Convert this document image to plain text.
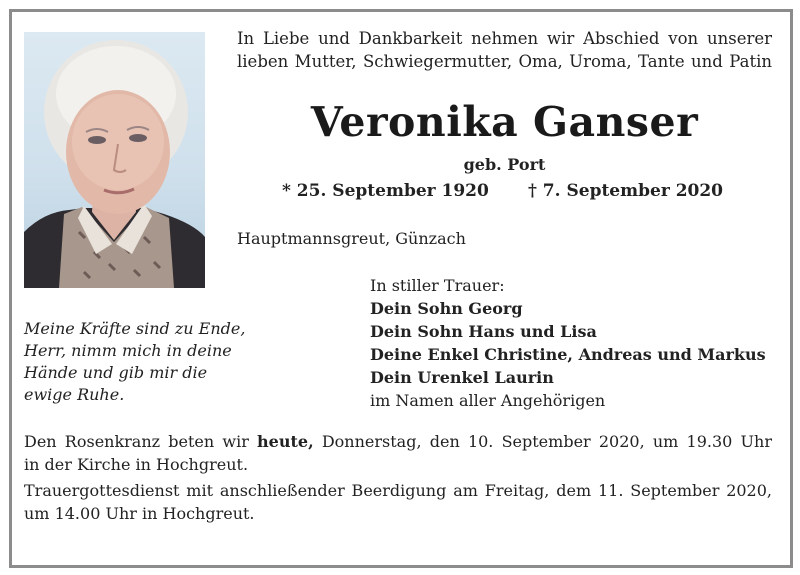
In Liebe und Dankbarkeit nehmen wir Abschied von unserer
lieben Mutter, Schwiegermutter, Oma, Uroma, Tante und Patin
Veronika Ganser
geb. Port
* 25. September 1920 † 7. September 2020
Hauptmannsgreut, Günzach
In stiller Trauer:
Dein Sohn Georg
Dein Sohn Hans und Lisa
Deine Enkel Christine, Andreas und Markus
Dein Urenkel Laurin
im Namen aller Angehörigen
Meine Kräfte sind zu Ende,
Herr, nimm mich in deine
Hände und gib mir die
ewige Ruhe.
Den Rosenkranz beten wir heute, Donnerstag, den 10. September 2020, um 19.30 Uhr
in der Kirche in Hochgreut.
Trauergottesdienst mit anschließender Beerdigung am Freitag, dem 11. September 2020,
um 14.00 Uhr in Hochgreut.
